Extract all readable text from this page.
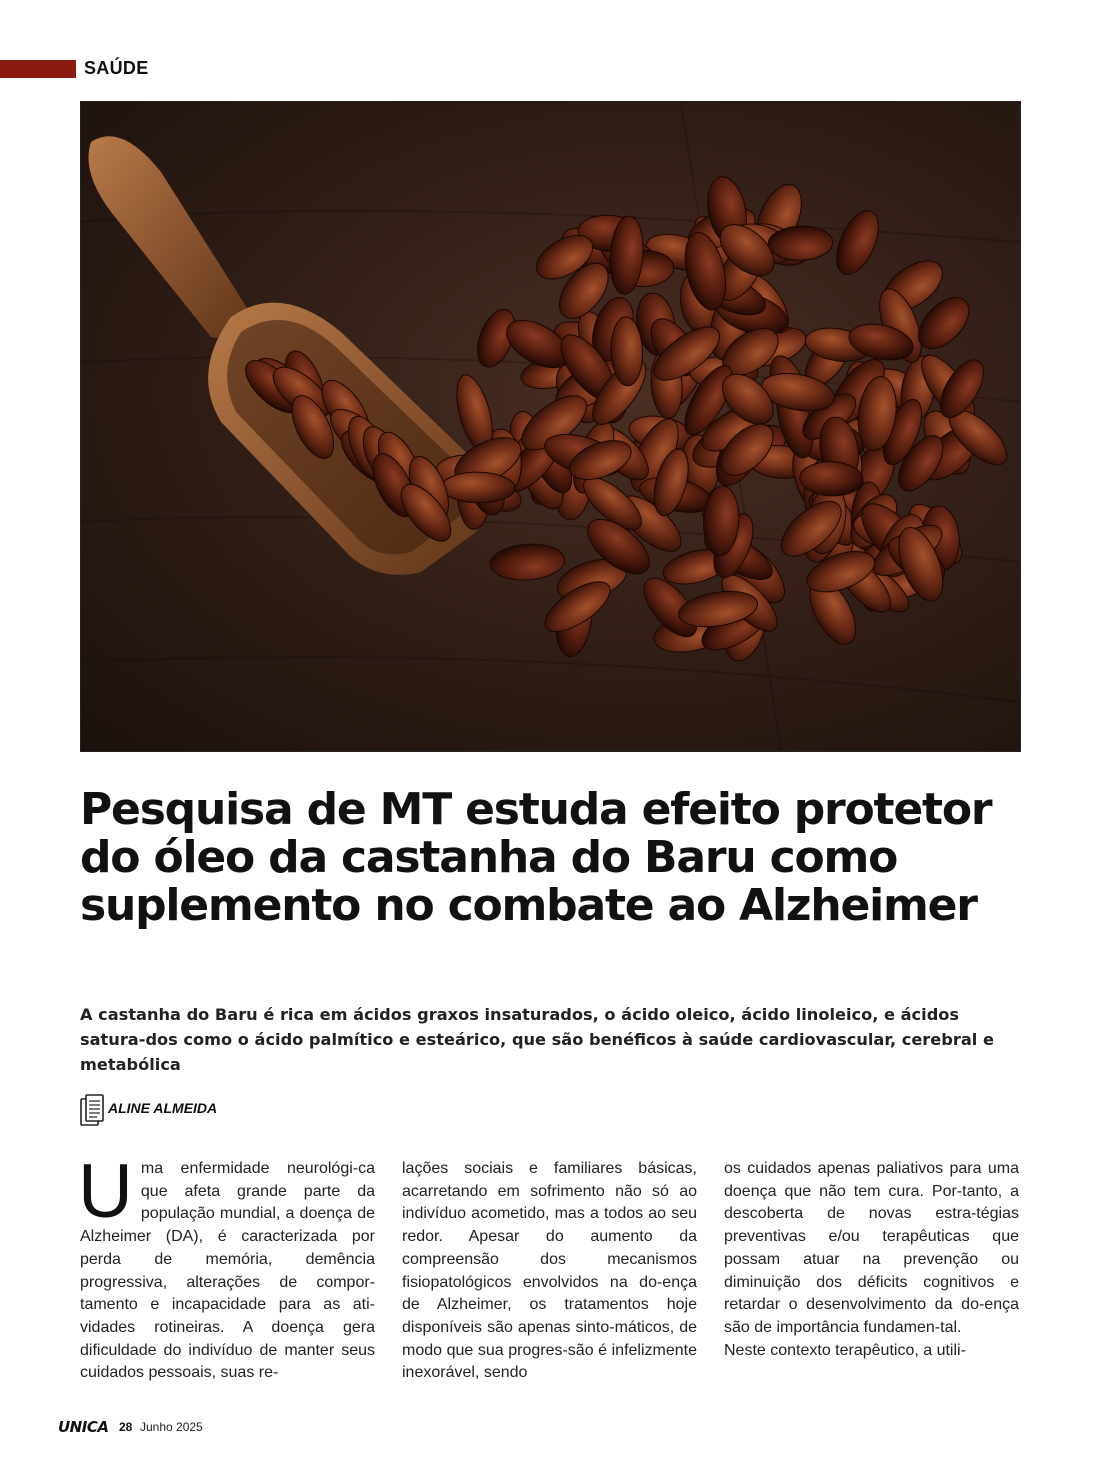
SAÚDE
Pesquisa de MT estuda efeito protetor do óleo da castanha do Baru como suplemento no combate ao Alzheimer

A castanha do Baru é rica em ácidos graxos insaturados, o ácido oleico, ácido linoleico, e ácidos satura-dos como o ácido palmítico e esteárico, que são benéficos à saúde cardiovascular, cerebral e metabólica

ALINE ALMEIDA
U ma enfermidade neurológi-ca que afeta grande parte da população mundial, a doença de Alzheimer (DA), é caracterizada por perda de memória, demência progressiva, alterações de compor-tamento e incapacidade para as ati-vidades rotineiras. A doença gera dificuldade do indivíduo de manter seus cuidados pessoais, suas re-

lações sociais e familiares básicas, acarretando em sofrimento não só ao indivíduo acometido, mas a todos ao seu redor. Apesar do aumento da compreensão dos mecanismos fisiopatológicos envolvidos na do-ença de Alzheimer, os tratamentos hoje disponíveis são apenas sinto-máticos, de modo que sua progres-são é infelizmente inexorável, sendo

os cuidados apenas paliativos para uma doença que não tem cura. Por-tanto, a descoberta de novas estra-tégias preventivas e/ou terapêuticas que possam atuar na prevenção ou diminuição dos déficits cognitivos e retardar o desenvolvimento da do-ença são de importância fundamen-tal.

Neste contexto terapêutico, a utili-

UNICA 28 Junho 2025
